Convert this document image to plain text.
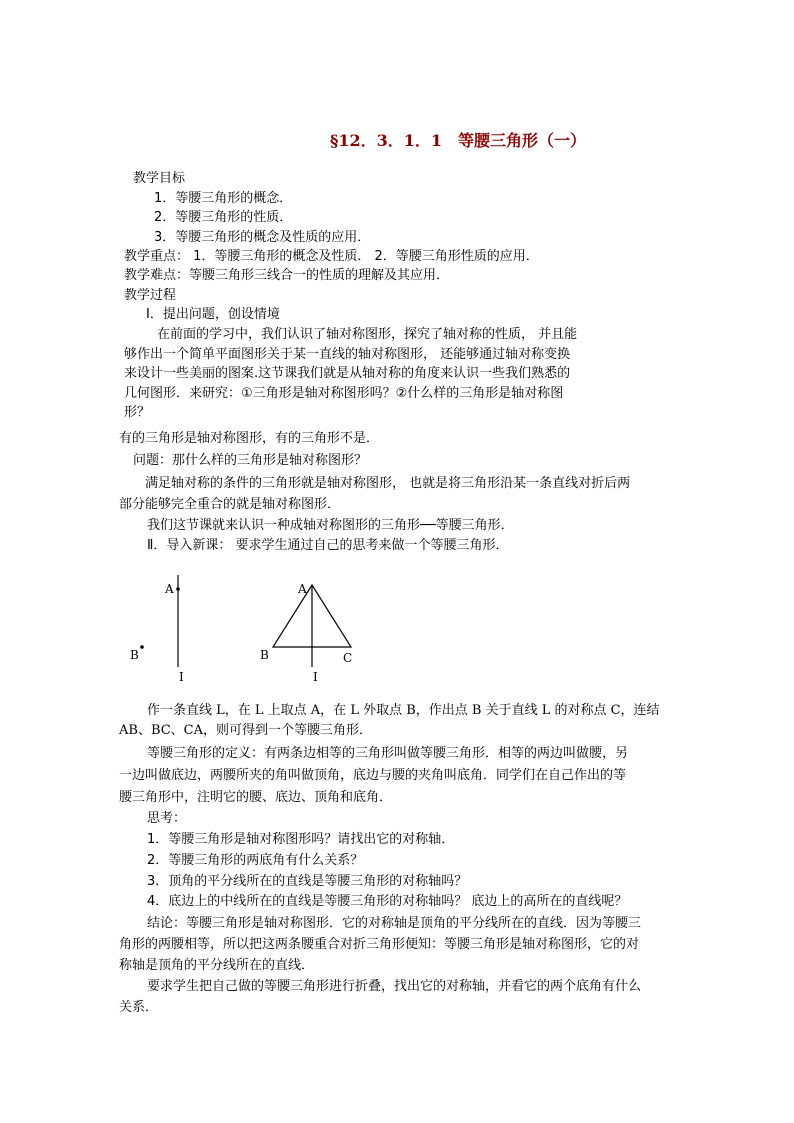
§12．3．1．1　等腰三角形（一）
教学目标
1．等腰三角形的概念．
2．等腰三角形的性质．
3．等腰三角形的概念及性质的应用．
教学重点： 1．等腰三角形的概念及性质． 2．等腰三角形性质的应用．
教学难点：等腰三角形三线合一的性质的理解及其应用．
教学过程
Ⅰ．提出问题，创设情境
在前面的学习中，我们认识了轴对称图形，探究了轴对称的性质， 并且能
够作出一个简单平面图形关于某一直线的轴对称图形， 还能够通过轴对称变换
来设计一些美丽的图案.这节课我们就是从轴对称的角度来认识一些我们熟悉的
几何图形．来研究：①三角形是轴对称图形吗？②什么样的三角形是轴对称图
形？
有的三角形是轴对称图形，有的三角形不是．
问题：那什么样的三角形是轴对称图形？
满足轴对称的条件的三角形就是轴对称图形， 也就是将三角形沿某一条直线对折后两
部分能够完全重合的就是轴对称图形．
我们这节课就来认识一种成轴对称图形的三角形──等腰三角形．
Ⅱ．导入新课： 要求学生通过自己的思考来做一个等腰三角形．
A
B
I
A
B	C
I
作一条直线 L，在 L 上取点 A，在 L 外取点 B，作出点 B 关于直线 L 的对称点 C，连结
AB、BC、CA，则可得到一个等腰三角形．
等腰三角形的定义：有两条边相等的三角形叫做等腰三角形．相等的两边叫做腰，另
一边叫做底边，两腰所夹的角叫做顶角，底边与腰的夹角叫底角．同学们在自己作出的等
腰三角形中，注明它的腰、底边、顶角和底角．
思考：
1．等腰三角形是轴对称图形吗？请找出它的对称轴．
2．等腰三角形的两底角有什么关系？
3．顶角的平分线所在的直线是等腰三角形的对称轴吗？
4．底边上的中线所在的直线是等腰三角形的对称轴吗？ 底边上的高所在的直线呢？
结论：等腰三角形是轴对称图形．它的对称轴是顶角的平分线所在的直线．因为等腰三
角形的两腰相等，所以把这两条腰重合对折三角形便知：等腰三角形是轴对称图形，它的对
称轴是顶角的平分线所在的直线．
要求学生把自己做的等腰三角形进行折叠，找出它的对称轴，并看它的两个底角有什么
关系．
